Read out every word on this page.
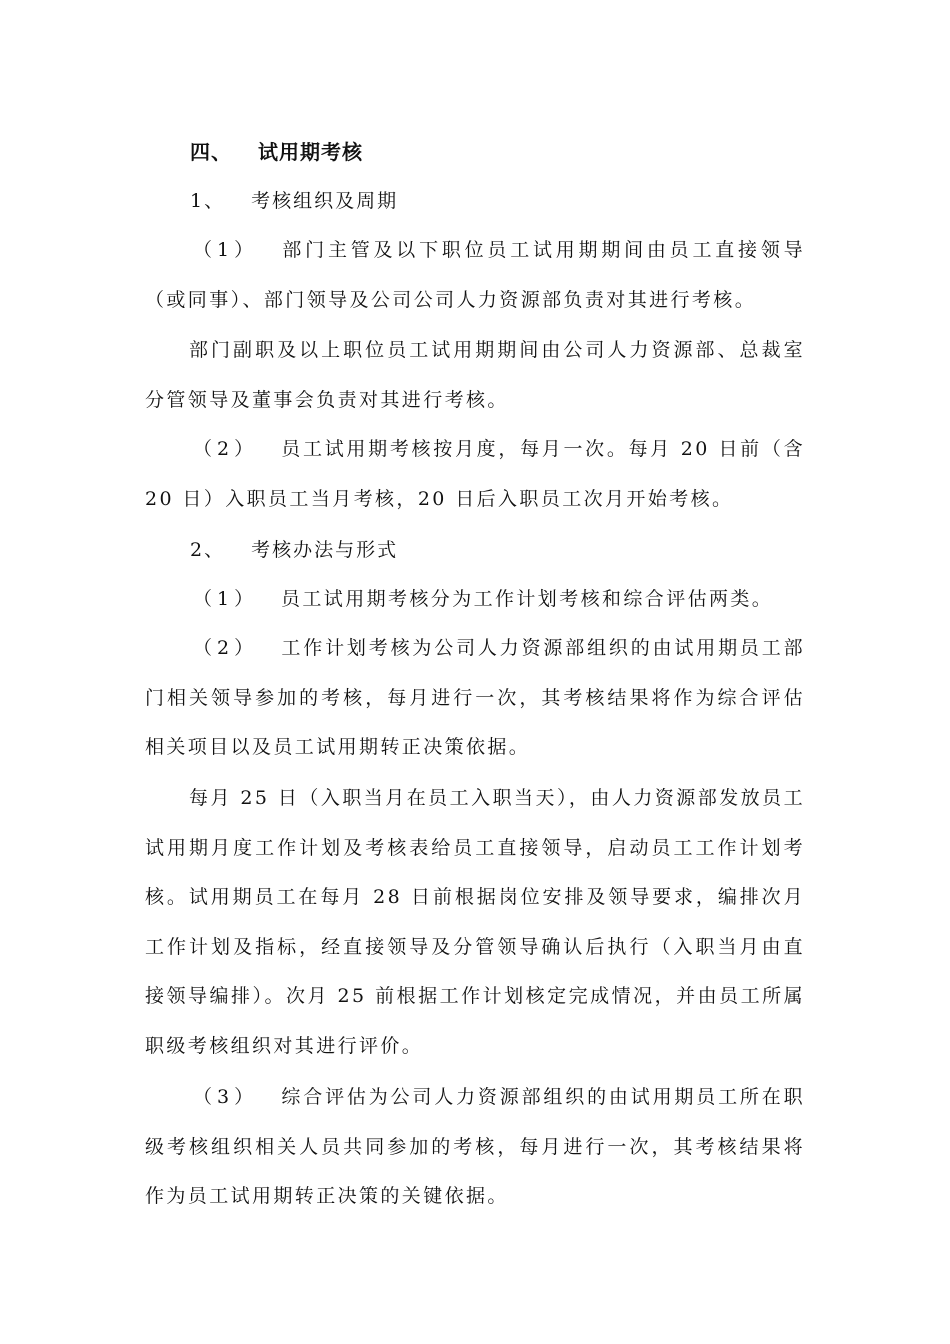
四、 试用期考核
1、 考核组织及周期

（1） 部门主管及以下职位员工试用期期间由员工直接领导（或同事）、部门领导及公司公司人力资源部负责对其进行考核。

部门副职及以上职位员工试用期期间由公司人力资源部、总裁室分管领导及董事会负责对其进行考核。

（2） 员工试用期考核按月度，每月一次。每月 20 日前（含 20 日）入职员工当月考核，20 日后入职员工次月开始考核。

2、 考核办法与形式

（1） 员工试用期考核分为工作计划考核和综合评估两类。

（2） 工作计划考核为公司人力资源部组织的由试用期员工部门相关领导参加的考核，每月进行一次，其考核结果将作为综合评估相关项目以及员工试用期转正决策依据。

每月 25 日（入职当月在员工入职当天），由人力资源部发放员工试用期月度工作计划及考核表给员工直接领导，启动员工工作计划考核。试用期员工在每月 28 日前根据岗位安排及领导要求，编排次月工作计划及指标，经直接领导及分管领导确认后执行（入职当月由直接领导编排）。次月 25 前根据工作计划核定完成情况，并由员工所属职级考核组织对其进行评价。

（3） 综合评估为公司人力资源部组织的由试用期员工所在职级考核组织相关人员共同参加的考核，每月进行一次，其考核结果将作为员工试用期转正决策的关键依据。
